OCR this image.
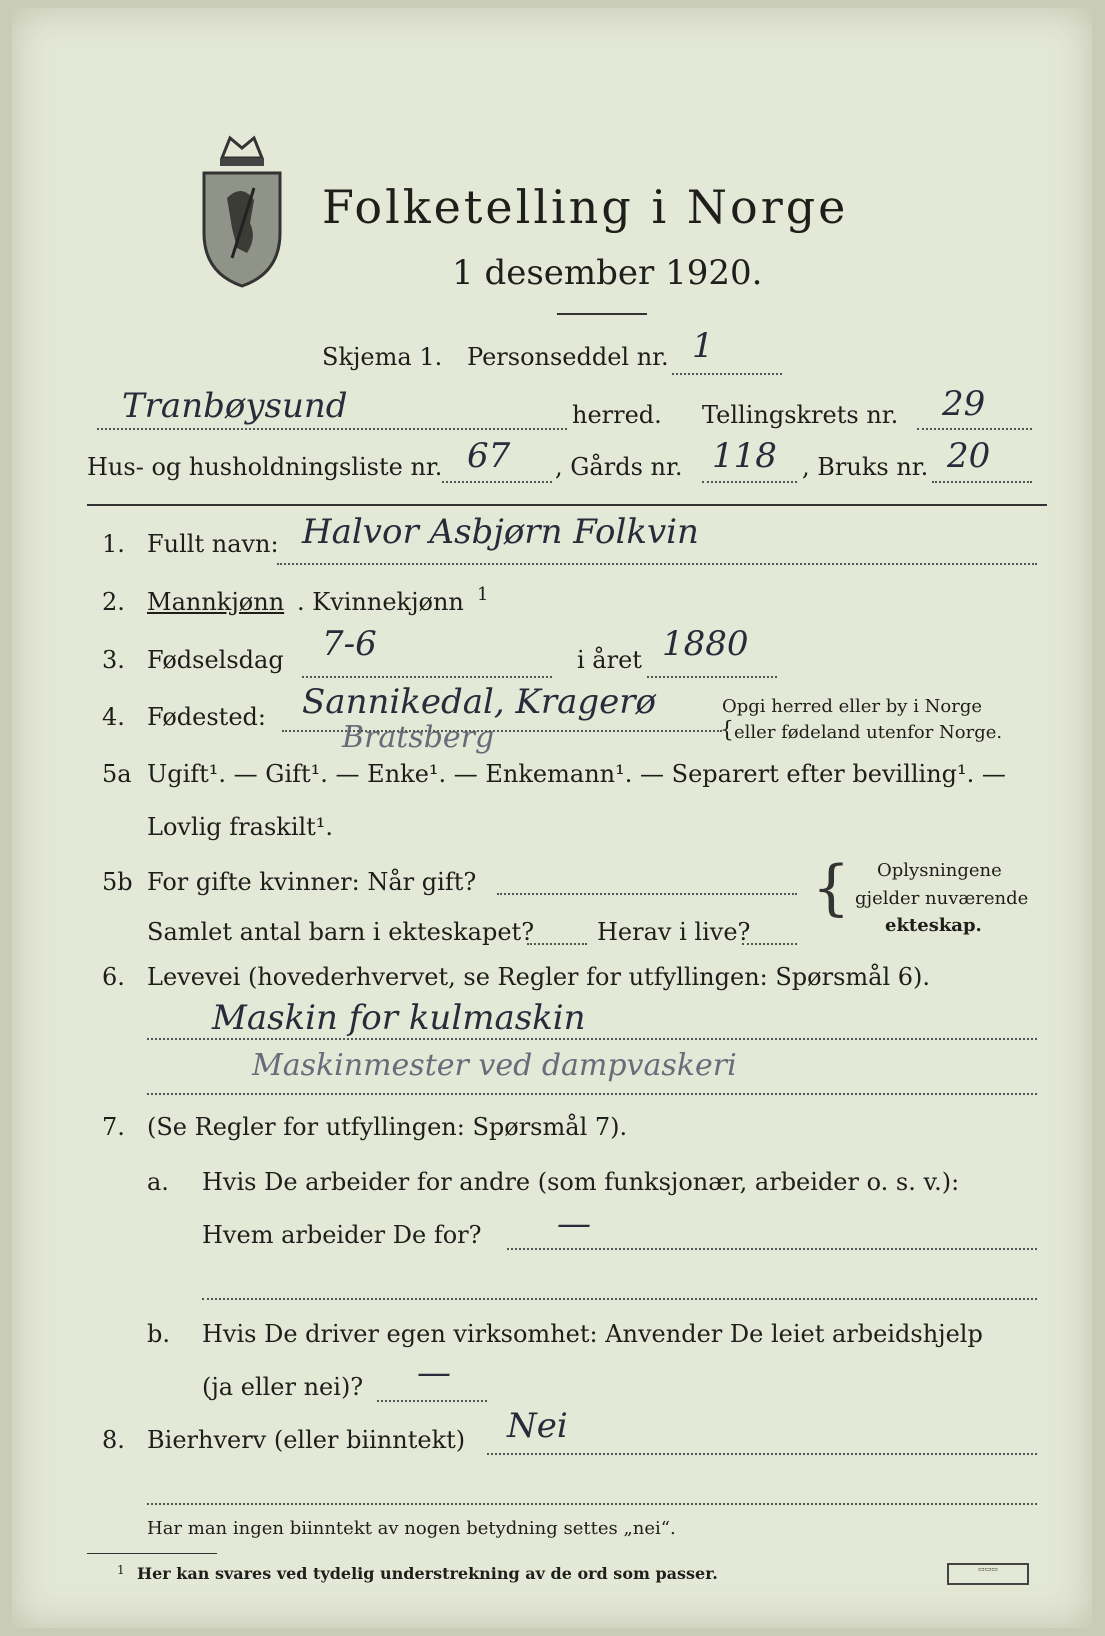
Folketelling i Norge
1 desember 1920.
Skjema 1. Personseddel nr. 1
Tranbøysund	herred. Tellingskrets nr. 29
Hus- og husholdningsliste nr. 67 , Gårds nr. 118 , Bruks nr. 20
1. Fullt navn: Halvor Asbjørn Folkvin
2. Mannkjønn . Kvinnekjønn 1
3. Fødselsdag 7-6	i året 1880
4. Fødested: Sannikedal, Kragerø
Bratsberg
Opgi herred eller by i Norge
eller fødeland utenfor Norge.
{
5a Ugift¹. — Gift¹. — Enke¹. — Enkemann¹. — Separert efter bevilling¹. —
Lovlig fraskilt¹.
5b For gifte kvinner: Når gift?
Samlet antal barn i ekteskapet?	Herav i live?
{ Oplysningene
gjelder nuværende
ekteskap.
6. Levevei (hovederhvervet, se Regler for utfyllingen: Spørsmål 6).
Maskin for kulmaskin
Maskinmester ved dampvaskeri
7. (Se Regler for utfyllingen: Spørsmål 7).
a. Hvis De arbeider for andre (som funksjonær, arbeider o. s. v.):
Hvem arbeider De for? —
b. Hvis De driver egen virksomhet: Anvender De leiet arbeidshjelp
(ja eller nei)? —
8. Bierhverv (eller biinntekt) Nei
Har man ingen biinntekt av nogen betydning settes „nei“.
1 Her kan svares ved tydelig understrekning av de ord som passer.	▭▭▭
